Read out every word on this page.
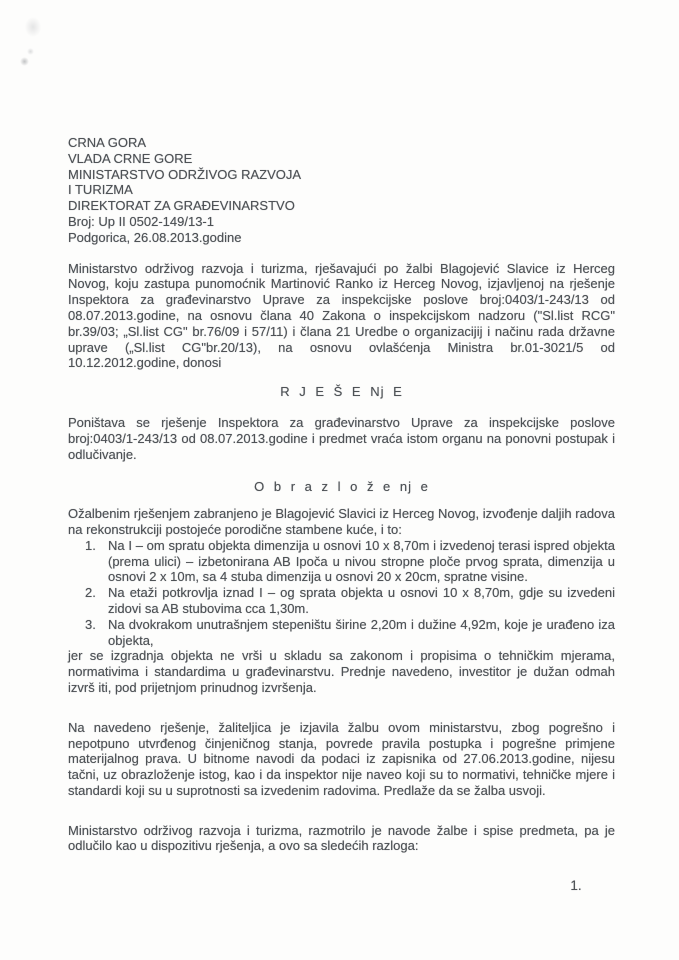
CRNA GORA
VLADA CRNE GORE
MINISTARSTVO ODRŽIVOG RAZVOJA
I TURIZMA
DIREKTORAT ZA GRAĐEVINARSTVO
Broj: Up II 0502-149/13-1
Podgorica, 26.08.2013.godine

Ministarstvo održivog razvoja i turizma, rješavajući po žalbi Blagojević Slavice iz Herceg Novog, koju zastupa punomoćnik Martinović Ranko iz Herceg Novog, izjavljenoj na rješenje Inspektora za građevinarstvo Uprave za inspekcijske poslove broj:0403/1-243/13 od 08.07.2013.godine, na osnovu člana 40 Zakona o inspekcijskom nadzoru ("Sl.list RCG" br.39/03; „Sl.list CG" br.76/09 i 57/11) i člana 21 Uredbe o organizacijij i načinu rada državne uprave („Sl.list CG"br.20/13), na osnovu ovlašćenja Ministra br.01-3021/5 od 10.12.2012.godine, donosi

R J E Š E Nj E

Poništava se rješenje Inspektora za građevinarstvo Uprave za inspekcijske poslove broj:0403/1-243/13 od 08.07.2013.godine i predmet vraća istom organu na ponovni postupak i odlučivanje.

O b r a z l o ž e nj e

Ožalbenim rješenjem zabranjeno je Blagojević Slavici iz Herceg Novog, izvođenje daljih radova na rekonstrukciji postojeće porodične stambene kuće, i to:

1. Na I – om spratu objekta dimenzija u osnovi 10 x 8,70m i izvedenoj terasi ispred objekta (prema ulici) – izbetonirana AB Ipoča u nivou stropne ploče prvog sprata, dimenzija u osnovi 2 x 10m, sa 4 stuba dimenzija u osnovi 20 x 20cm, spratne visine.
2. Na etaži potkrovlja iznad I – og sprata objekta u osnovi 10 x 8,70m, gdje su izvedeni zidovi sa AB stubovima cca 1,30m.
3. Na dvokrakom unutrašnjem stepeništu širine 2,20m i dužine 4,92m, koje je urađeno iza objekta,

jer se izgradnja objekta ne vrši u skladu sa zakonom i propisima o tehničkim mjerama, normativima i standardima u građevinarstvu. Prednje navedeno, investitor je dužan odmah izvrš iti, pod prijetnjom prinudnog izvršenja.

Na navedeno rješenje, žaliteljica je izjavila žalbu ovom ministarstvu, zbog pogrešno i nepotpuno utvrđenog činjeničnog stanja, povrede pravila postupka i pogrešne primjene materijalnog prava. U bitnome navodi da podaci iz zapisnika od 27.06.2013.godine, nijesu tačni, uz obrazloženje istog, kao i da inspektor nije naveo koji su to normativi, tehničke mjere i standardi koji su u suprotnosti sa izvedenim radovima. Predlaže da se žalba usvoji.

Ministarstvo održivog razvoja i turizma, razmotrilo je navode žalbe i spise predmeta, pa je odlučilo kao u dispozitivu rješenja, a ovo sa sledećih razloga:

1.
